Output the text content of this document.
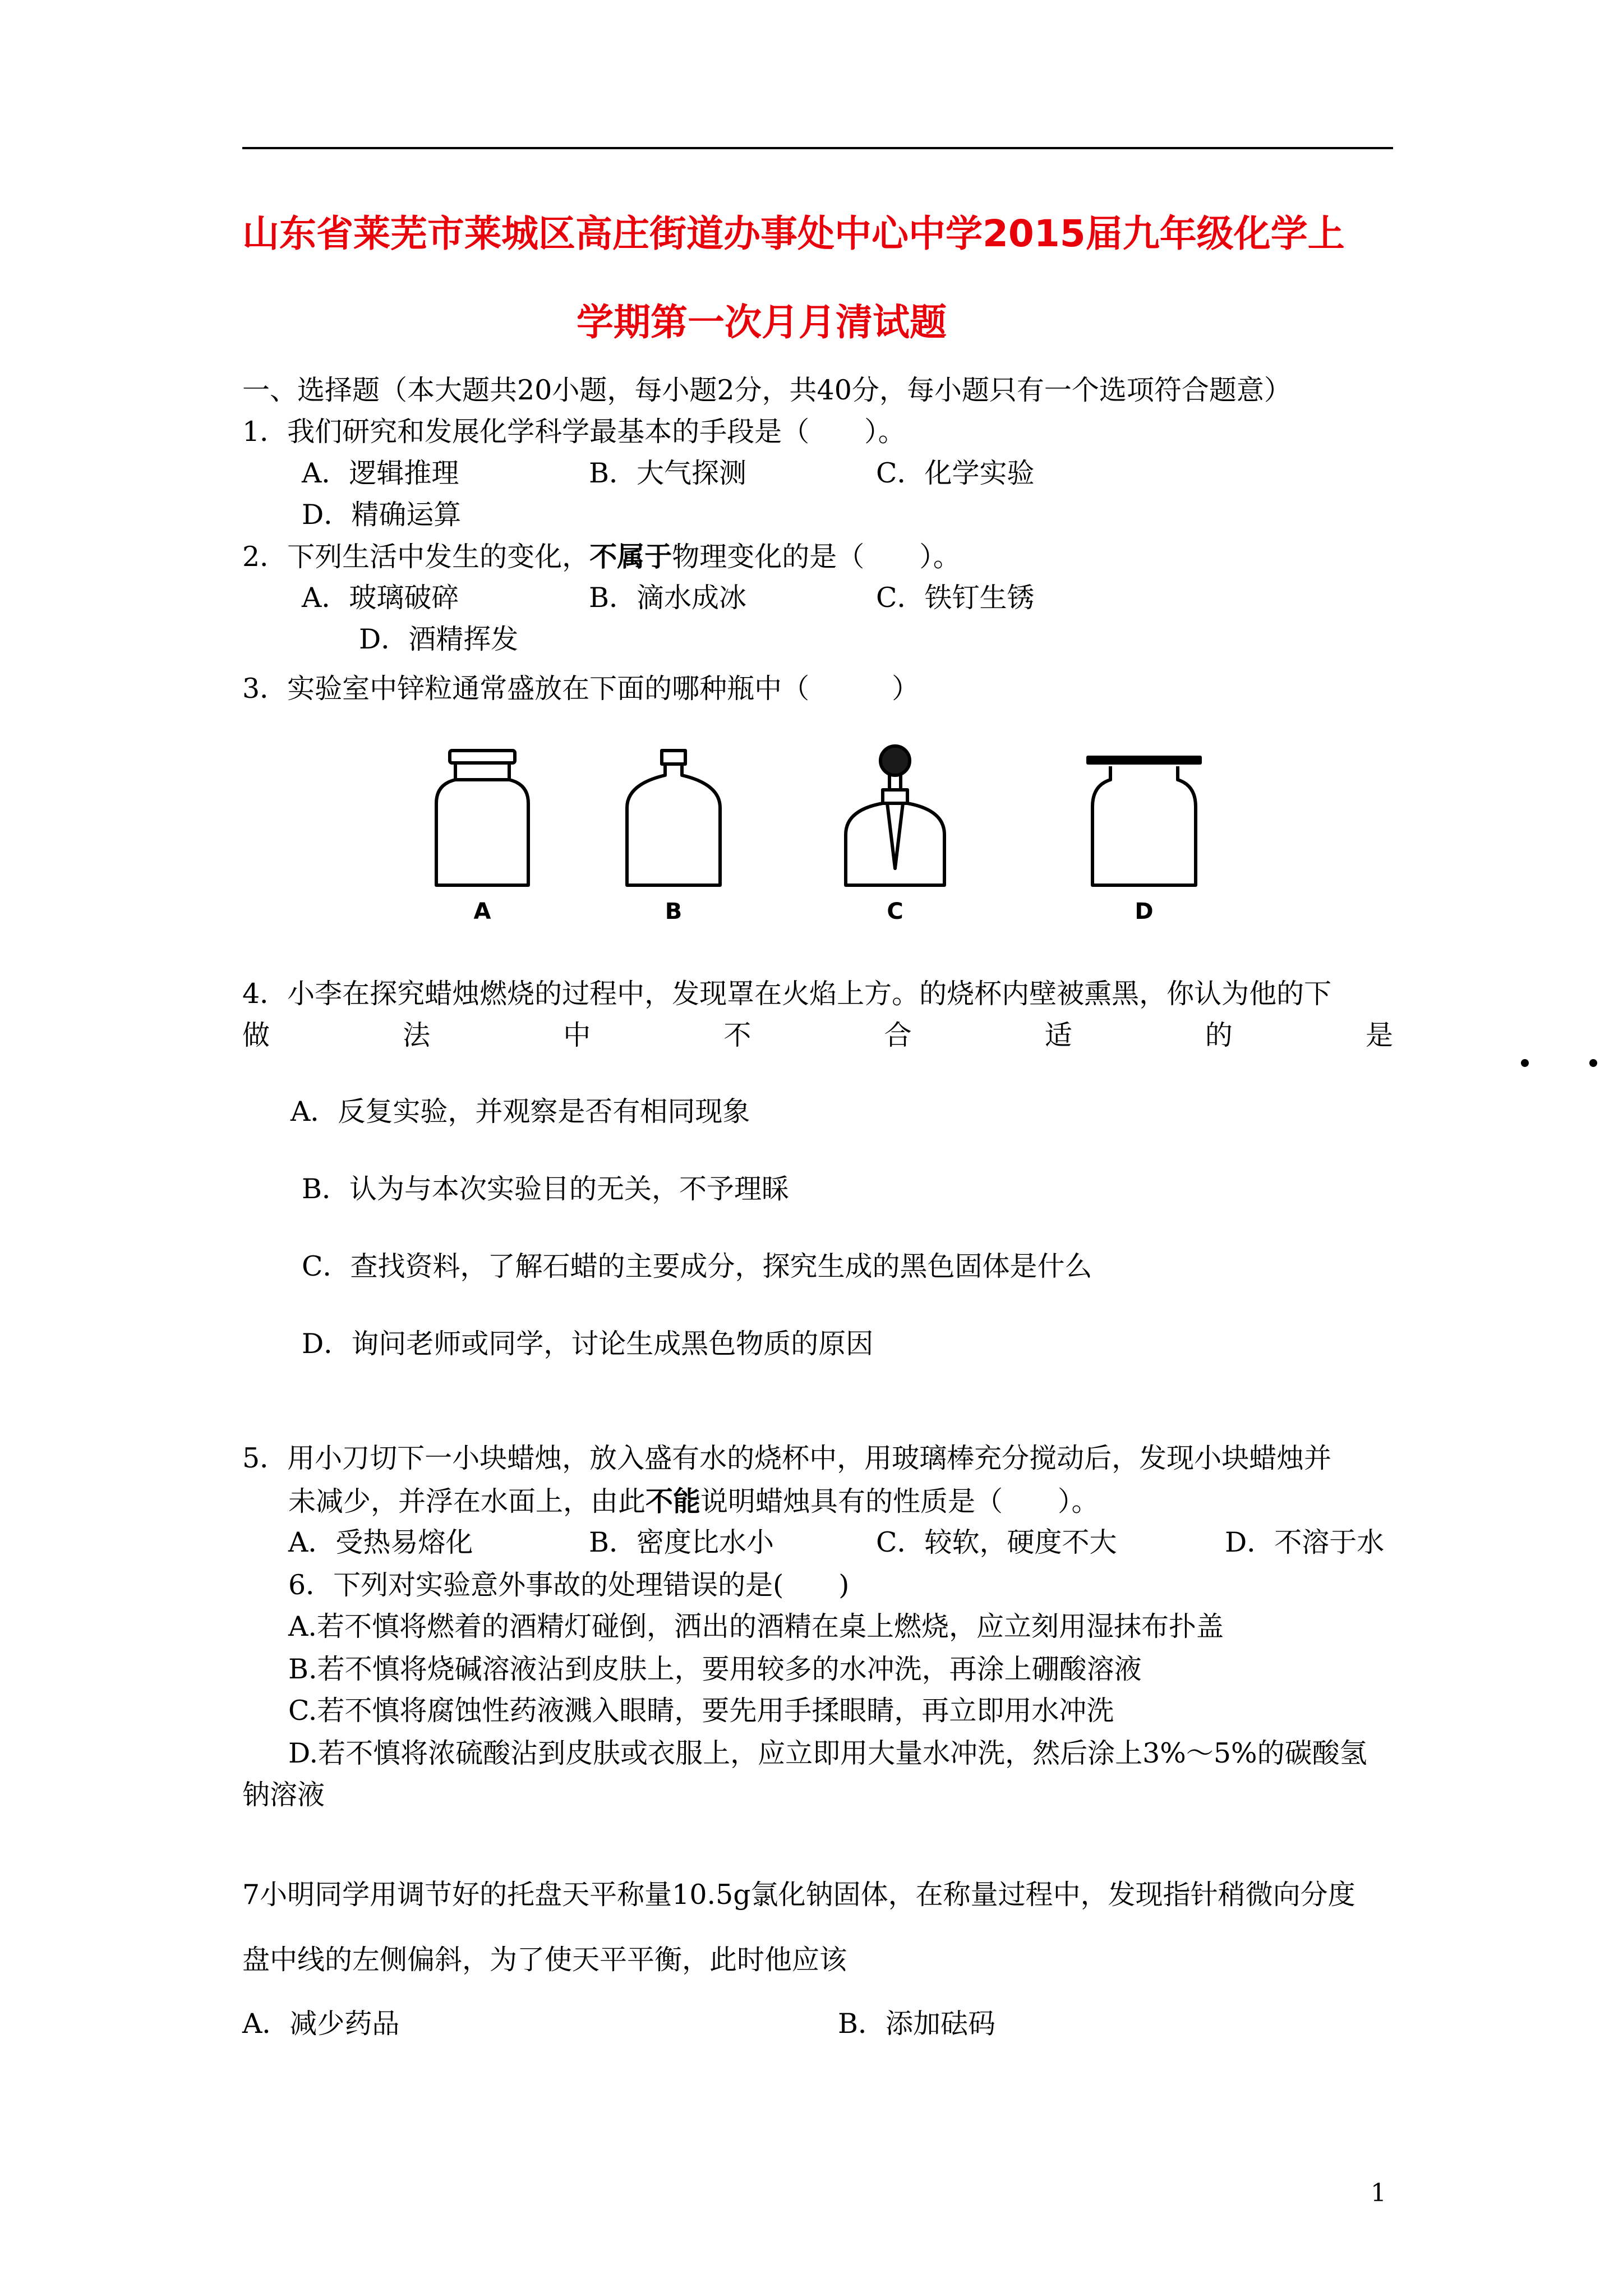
山东省莱芜市莱城区高庄街道办事处中心中学2015届九年级化学上
学期第一次月月清试题
一、选择题（本大题共20小题，每小题2分，共40分，每小题只有一个选项符合题意）
1．我们研究和发展化学科学最基本的手段是（　　）。
A．逻辑推理	B．大气探测	C．化学实验
D．精确运算
2．下列生活中发生的变化，不属于物理变化的是（　　）。
A．玻璃破碎	B．滴水成冰	C．铁钉生锈
D．酒精挥发
3．实验室中锌粒通常盛放在下面的哪种瓶中（　　　）
A	B	C	D
4．小李在探究蜡烛燃烧的过程中，发现罩在火焰上方。的烧杯内壁被熏黑，你认为他的下
做	法	中	不	合	适	的	是
A．反复实验，并观察是否有相同现象
B．认为与本次实验目的无关，不予理睬
C．查找资料，了解石蜡的主要成分，探究生成的黑色固体是什么
D．询问老师或同学，讨论生成黑色物质的原因
5．用小刀切下一小块蜡烛，放入盛有水的烧杯中，用玻璃棒充分搅动后，发现小块蜡烛并
未减少，并浮在水面上，由此不能说明蜡烛具有的性质是（　　）。
A．受热易熔化	B．密度比水小	C．较软，硬度不大	D．不溶于水
6．下列对实验意外事故的处理错误的是(　　)
A.若不慎将燃着的酒精灯碰倒，洒出的酒精在桌上燃烧，应立刻用湿抹布扑盖
B.若不慎将烧碱溶液沾到皮肤上，要用较多的水冲洗，再涂上硼酸溶液
C.若不慎将腐蚀性药液溅入眼睛，要先用手揉眼睛，再立即用水冲洗
D.若不慎将浓硫酸沾到皮肤或衣服上，应立即用大量水冲洗，然后涂上3%～5%的碳酸氢
钠溶液
7小明同学用调节好的托盘天平称量10.5g氯化钠固体，在称量过程中，发现指针稍微向分度
盘中线的左侧偏斜，为了使天平平衡，此时他应该
A．减少药品	B．添加砝码
1
